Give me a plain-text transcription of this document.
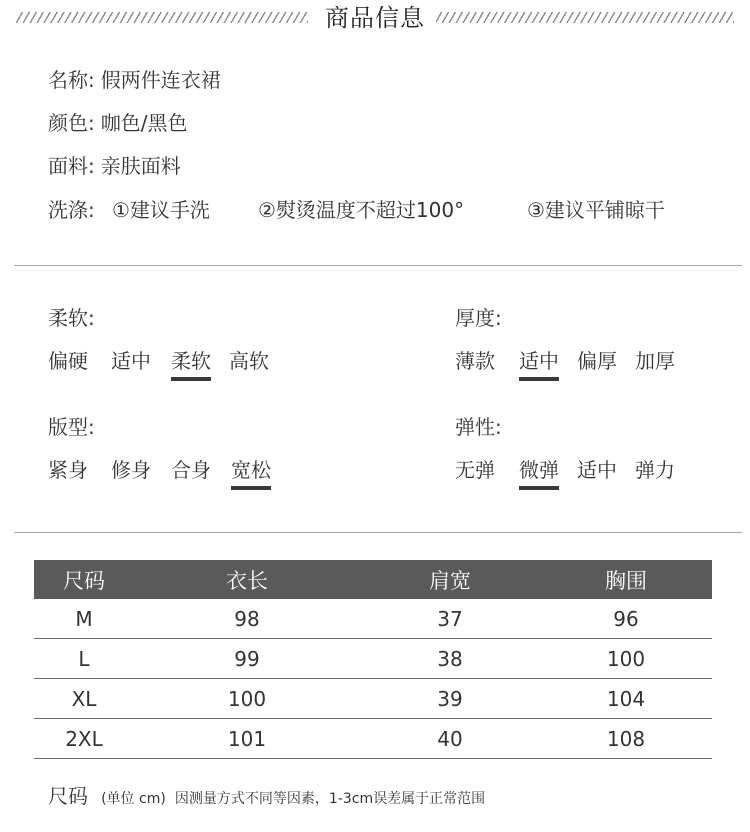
商品信息
名称: 假两件连衣裙
颜色: 咖色/黑色
面料: 亲肤面料
洗涤: ①建议手洗 ②熨烫温度不超过100°	③建议平铺晾干
柔软:
偏硬 适中 柔软 高软
厚度:
薄款 适中 偏厚 加厚
版型:
紧身 修身 合身 宽松
弹性:
无弹 微弹 适中 弹力
尺码	衣长	肩宽	胸围
M	98	37	96
L	99	38	100
XL	100	39	104
2XL	101	40	108
尺码 (单位 cm) 因测量方式不同等因素，1-3cm误差属于正常范围
